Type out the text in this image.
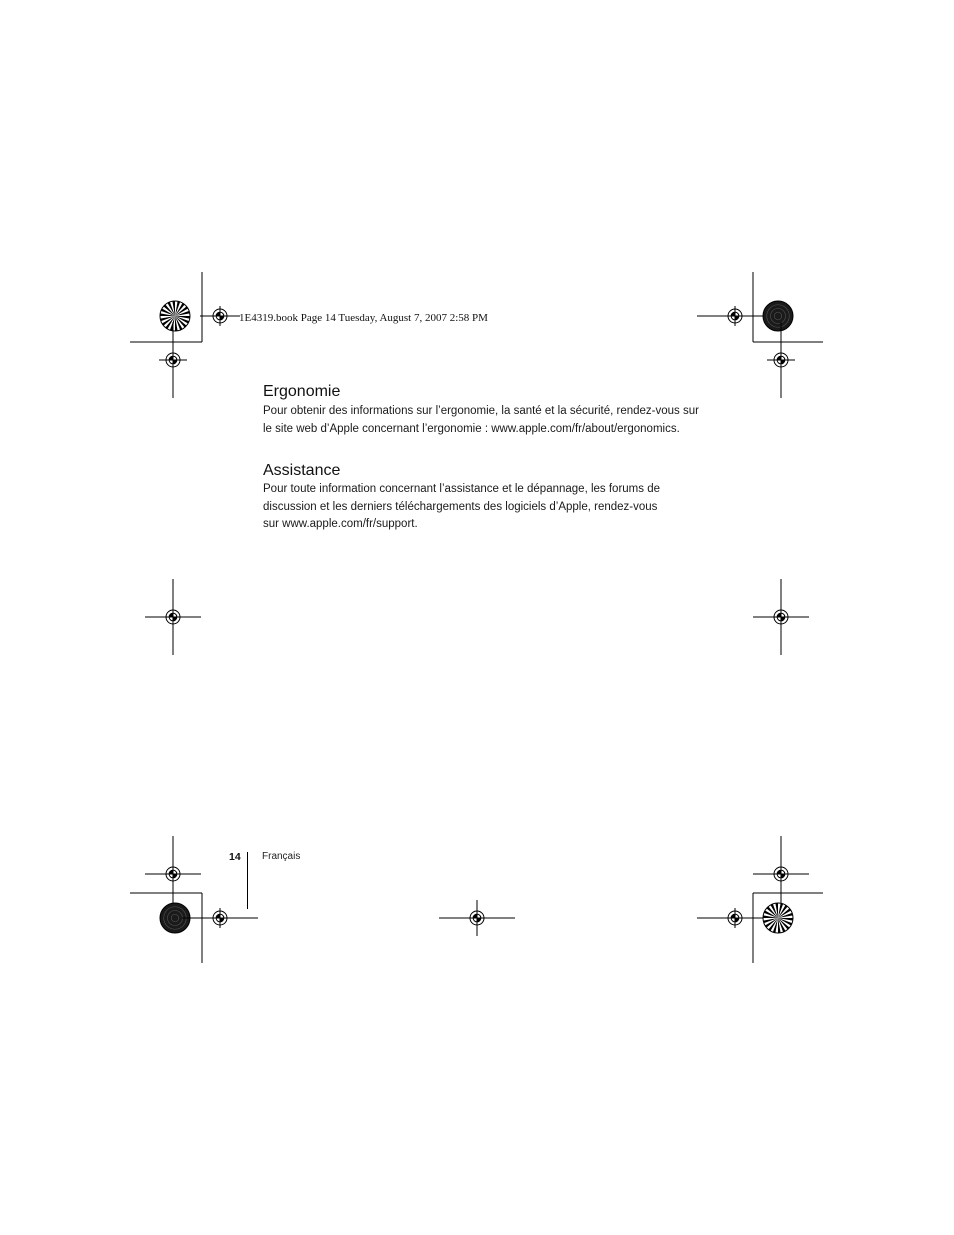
1E4319.book Page 14 Tuesday, August 7, 2007 2:58 PM
Ergonomie
Pour obtenir des informations sur l’ergonomie, la santé et la sécurité, rendez-vous sur
le site web d’Apple concernant l’ergonomie : www.apple.com/fr/about/ergonomics.
Assistance
Pour toute information concernant l’assistance et le dépannage, les forums de
discussion et les derniers téléchargements des logiciels d’Apple, rendez-vous
sur www.apple.com/fr/support.
14 Français
